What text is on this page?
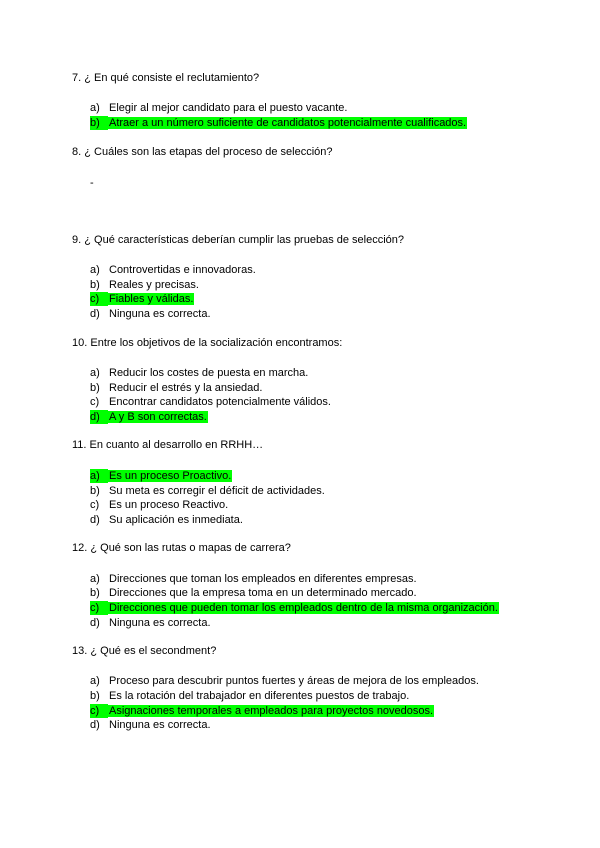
7. ¿ En qué consiste el reclutamiento?
a) Elegir al mejor candidato para el puesto vacante.
b) Atraer a un número suficiente de candidatos potencialmente cualificados.
8. ¿ Cuáles son las etapas del proceso de selección?
-
9. ¿ Qué características deberían cumplir las pruebas de selección?
a) Controvertidas e innovadoras.
b) Reales y precisas.
c) Fiables y válidas.
d) Ninguna es correcta.
10. Entre los objetivos de la socialización encontramos:
a) Reducir los costes de puesta en marcha.
b) Reducir el estrés y la ansiedad.
c) Encontrar candidatos potencialmente válidos.
d) A y B son correctas.
11. En cuanto al desarrollo en RRHH…
a) Es un proceso Proactivo.
b) Su meta es corregir el déficit de actividades.
c) Es un proceso Reactivo.
d) Su aplicación es inmediata.
12. ¿ Qué son las rutas o mapas de carrera?
a) Direcciones que toman los empleados en diferentes empresas.
b) Direcciones que la empresa toma en un determinado mercado.
c) Direcciones que pueden tomar los empleados dentro de la misma organización.
d) Ninguna es correcta.
13. ¿ Qué es el secondment?
a) Proceso para descubrir puntos fuertes y áreas de mejora de los empleados.
b) Es la rotación del trabajador en diferentes puestos de trabajo.
c) Asignaciones temporales a empleados para proyectos novedosos.
d) Ninguna es correcta.
